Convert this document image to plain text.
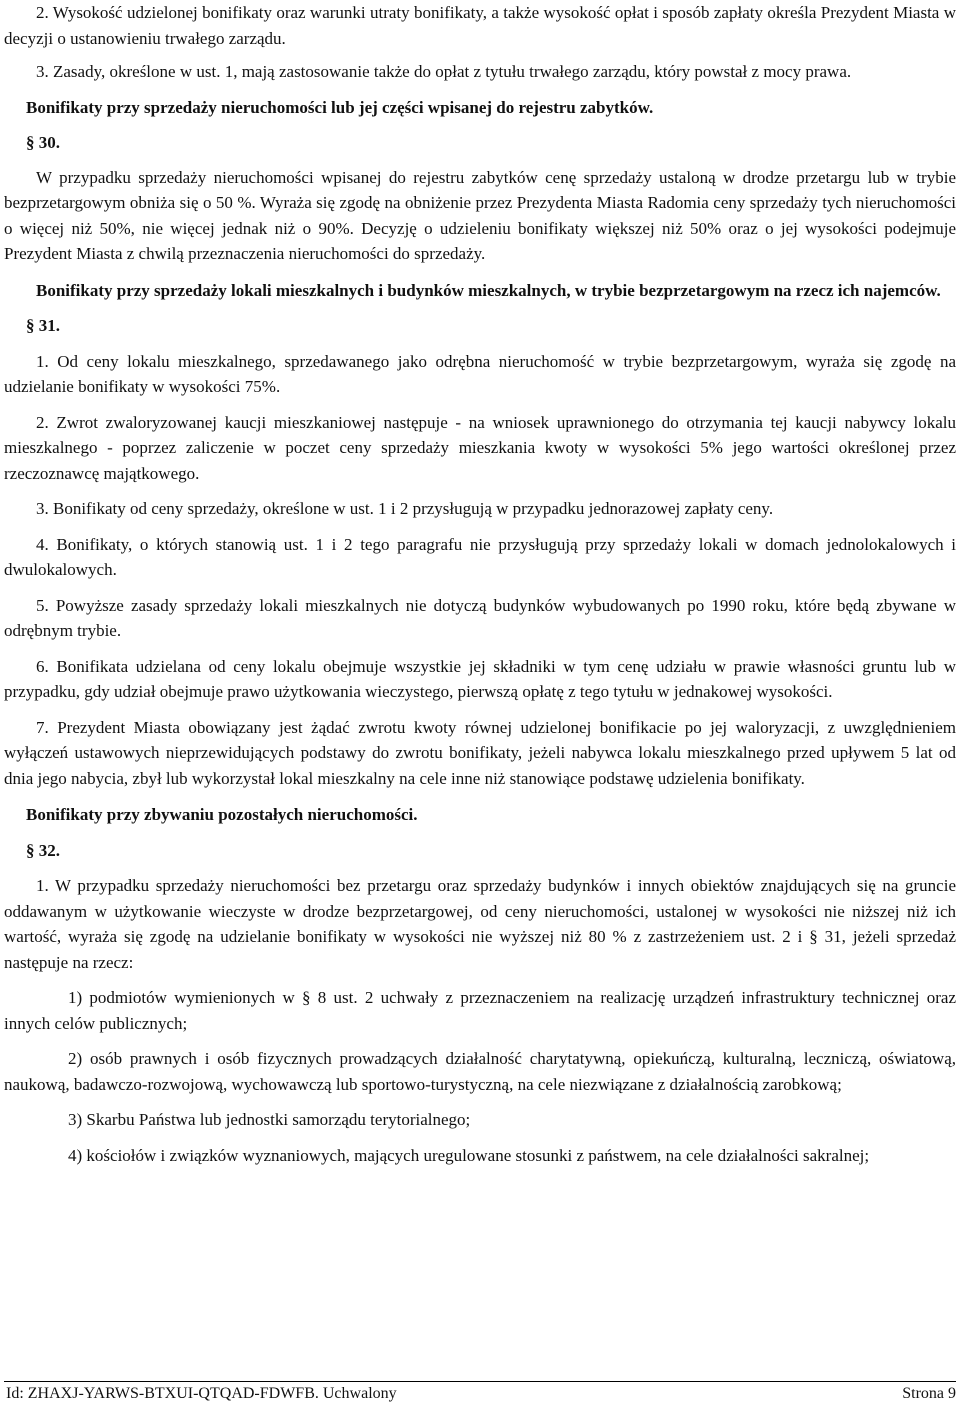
2. Wysokość udzielonej bonifikaty oraz warunki utraty bonifikaty, a także wysokość opłat i sposób zapłaty określa Prezydent Miasta w decyzji o ustanowieniu trwałego zarządu.

3. Zasady, określone w ust. 1, mają zastosowanie także do opłat z tytułu trwałego zarządu, który powstał z mocy prawa.

Bonifikaty przy sprzedaży nieruchomości lub jej części wpisanej do rejestru zabytków.

§ 30.

W przypadku sprzedaży nieruchomości wpisanej do rejestru zabytków cenę sprzedaży ustaloną w drodze przetargu lub w trybie bezprzetargowym obniża się o 50 %. Wyraża się zgodę na obniżenie przez Prezydenta Miasta Radomia ceny sprzedaży tych nieruchomości o więcej niż 50%, nie więcej jednak niż o 90%. Decyzję o udzieleniu bonifikaty większej niż 50% oraz o jej wysokości podejmuje Prezydent Miasta z chwilą przeznaczenia nieruchomości do sprzedaży.

Bonifikaty przy sprzedaży lokali mieszkalnych i budynków mieszkalnych, w trybie bezprzetargowym na rzecz ich najemców.

§ 31.

1. Od ceny lokalu mieszkalnego, sprzedawanego jako odrębna nieruchomość w trybie bezprzetargowym, wyraża się zgodę na udzielanie bonifikaty w wysokości 75%.

2. Zwrot zwaloryzowanej kaucji mieszkaniowej następuje - na wniosek uprawnionego do otrzymania tej kaucji nabywcy lokalu mieszkalnego - poprzez zaliczenie w poczet ceny sprzedaży mieszkania kwoty w wysokości 5% jego wartości określonej przez rzeczoznawcę majątkowego.

3. Bonifikaty od ceny sprzedaży, określone w ust. 1 i 2 przysługują w przypadku jednorazowej zapłaty ceny.

4. Bonifikaty, o których stanowią ust. 1 i 2 tego paragrafu nie przysługują przy sprzedaży lokali w domach jednolokalowych i dwulokalowych.

5. Powyższe zasady sprzedaży lokali mieszkalnych nie dotyczą budynków wybudowanych po 1990 roku, które będą zbywane w odrębnym trybie.

6. Bonifikata udzielana od ceny lokalu obejmuje wszystkie jej składniki w tym cenę udziału w prawie własności gruntu lub w przypadku, gdy udział obejmuje prawo użytkowania wieczystego, pierwszą opłatę z tego tytułu w jednakowej wysokości.

7. Prezydent Miasta obowiązany jest żądać zwrotu kwoty równej udzielonej bonifikacie po jej waloryzacji, z uwzględnieniem wyłączeń ustawowych nieprzewidujących podstawy do zwrotu bonifikaty, jeżeli nabywca lokalu mieszkalnego przed upływem 5 lat od dnia jego nabycia, zbył lub wykorzystał lokal mieszkalny na cele inne niż stanowiące podstawę udzielenia bonifikaty.

Bonifikaty przy zbywaniu pozostałych nieruchomości.

§ 32.

1. W przypadku sprzedaży nieruchomości bez przetargu oraz sprzedaży budynków i innych obiektów znajdujących się na gruncie oddawanym w użytkowanie wieczyste w drodze bezprzetargowej, od ceny nieruchomości, ustalonej w wysokości nie niższej niż ich wartość, wyraża się zgodę na udzielanie bonifikaty w wysokości nie wyższej niż 80 % z zastrzeżeniem ust. 2 i § 31, jeżeli sprzedaż następuje na rzecz:

1) podmiotów wymienionych w § 8 ust. 2 uchwały z przeznaczeniem na realizację urządzeń infrastruktury technicznej oraz innych celów publicznych;

2) osób prawnych i osób fizycznych prowadzących działalność charytatywną, opiekuńczą, kulturalną, leczniczą, oświatową, naukową, badawczo-rozwojową, wychowawczą lub sportowo-turystyczną, na cele niezwiązane z działalnością zarobkową;

3) Skarbu Państwa lub jednostki samorządu terytorialnego;

4) kościołów i związków wyznaniowych, mających uregulowane stosunki z państwem, na cele działalności sakralnej;

Id: ZHAXJ-YARWS-BTXUI-QTQAD-FDWFB. Uchwalony	Strona 9
